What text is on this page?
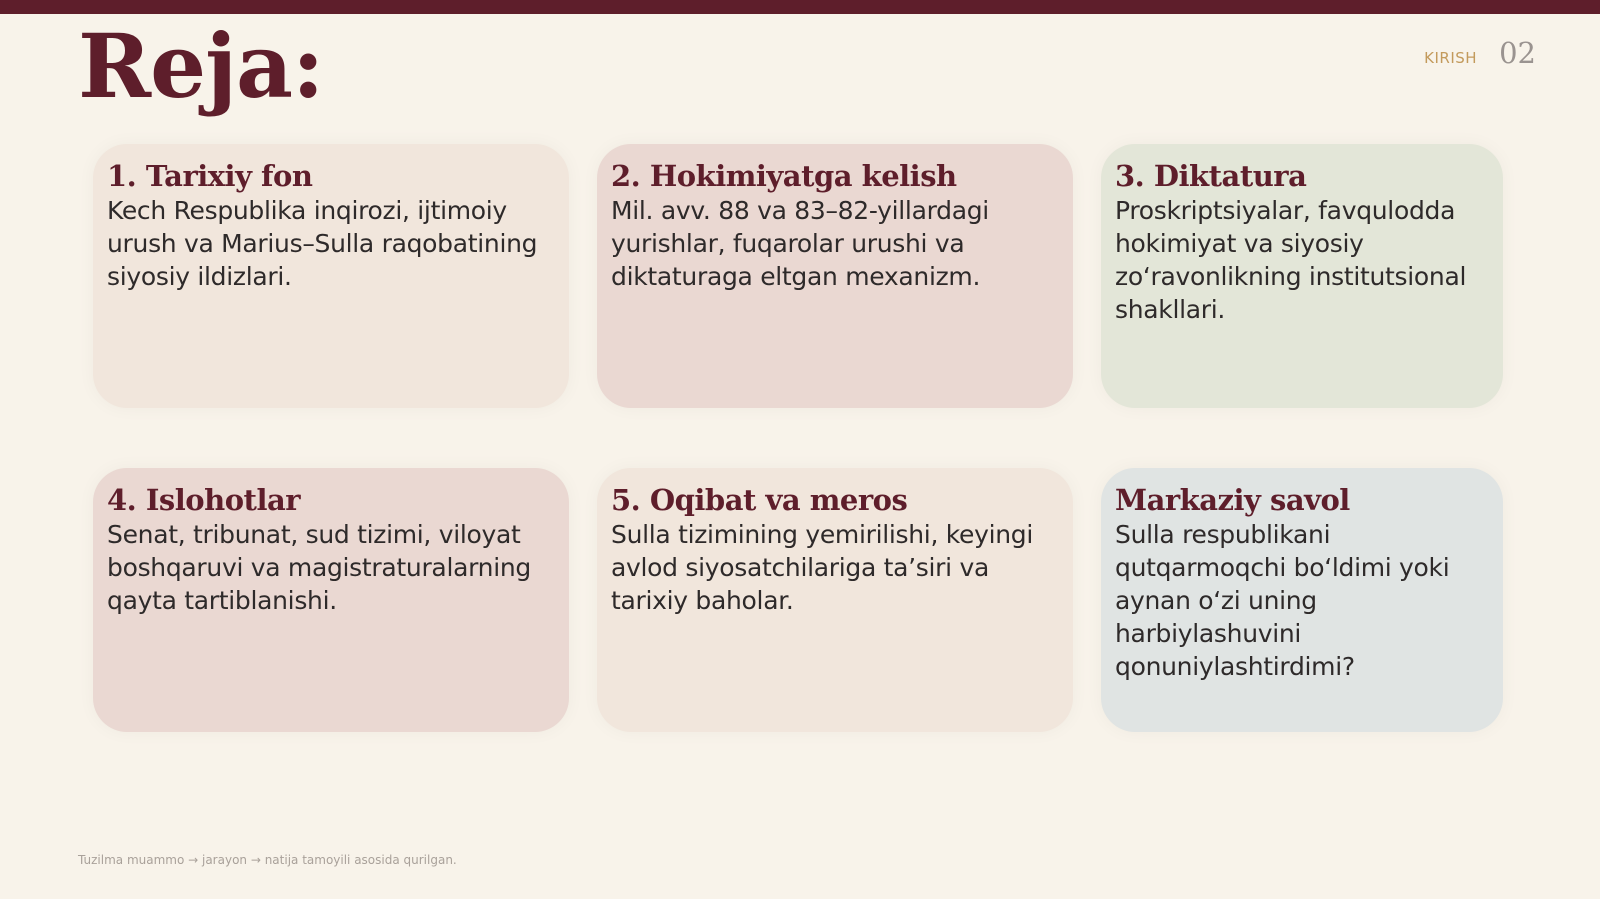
Reja:	KIRISH 02
1. Tarixiy fon

Kech Respublika inqirozi, ijtimoiy urush va Marius–Sulla raqobatining siyosiy ildizlari.

2. Hokimiyatga kelish

Mil. avv. 88 va 83–82-yillardagi yurishlar, fuqarolar urushi va diktaturaga eltgan mexanizm.

3. Diktatura

Proskriptsiyalar, favqulodda hokimiyat va siyosiy zo‘ravonlikning institutsional shakllari.

4. Islohotlar

Senat, tribunat, sud tizimi, viloyat boshqaruvi va magistraturalarning qayta tartiblanishi.

5. Oqibat va meros

Sulla tizimining yemirilishi, keyingi avlod siyosatchilariga ta’siri va tarixiy baholar.

Markaziy savol

Sulla respublikani qutqarmoqchi bo‘ldimi yoki aynan o‘zi uning harbiylashuvini qonuniylashtirdimi?

Tuzilma muammo → jarayon → natija tamoyili asosida qurilgan.
